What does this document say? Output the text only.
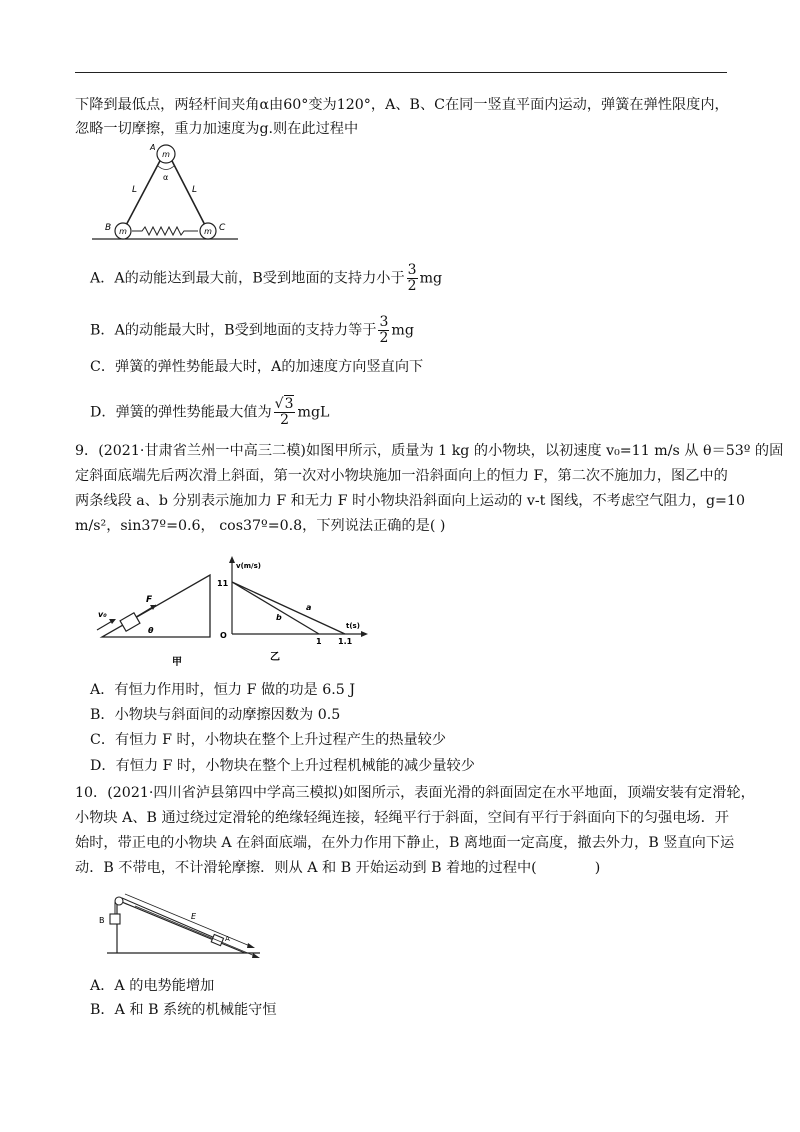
下降到最低点，两轻杆间夹角α由60°变为120°，A、B、C在同一竖直平面内运动，弹簧在弹性限度内，
忽略一切摩擦，重力加速度为g.则在此过程中
m
m	m
A
B	C
L	L
α
A．A的动能达到最大前，B受到地面的支持力小于 $\frac{3}{2}$ mg
B．A的动能最大时，B受到地面的支持力等于 $\frac{3}{2}$ mg
C．弹簧的弹性势能最大时，A的加速度方向竖直向下
D．弹簧的弹性势能最大值为 $\frac{√3}{2}$ mgL
9．(2021·甘肃省兰州一中高三二模)如图甲所示，质量为 1 kg 的小物块，以初速度 v₀=11 m/s 从 θ＝53º 的固
定斜面底端先后两次滑上斜面，第一次对小物块施加一沿斜面向上的恒力 F，第二次不施加力，图乙中的
两条线段 a、b 分别表示施加力 F 和无力 F 时小物块沿斜面向上运动的 v-t 图线，不考虑空气阻力，g=10
m/s²，sin37º=0.6， cos37º=0.8，下列说法正确的是( )
v₀
F
θ
甲
v(m/s)
t(s)
11
O
1 1.1
a
b
乙
A．有恒力作用时，恒力 F 做的功是 6.5 J
B．小物块与斜面间的动摩擦因数为 0.5
C．有恒力 F 时，小物块在整个上升过程产生的热量较少
D．有恒力 F 时，小物块在整个上升过程机械能的减少量较少
10．(2021·四川省泸县第四中学高三模拟)如图所示，表面光滑的斜面固定在水平地面，顶端安装有定滑轮，
小物块 A、B 通过绕过定滑轮的绝缘轻绳连接，轻绳平行于斜面，空间有平行于斜面向下的匀强电场．开
始时，带正电的小物块 A 在斜面底端，在外力作用下静止，B 离地面一定高度，撤去外力，B 竖直向下运
动．B 不带电，不计滑轮摩擦．则从 A 和 B 开始运动到 B 着地的过程中(	)
B	E
A
A．A 的电势能增加
B．A 和 B 系统的机械能守恒
